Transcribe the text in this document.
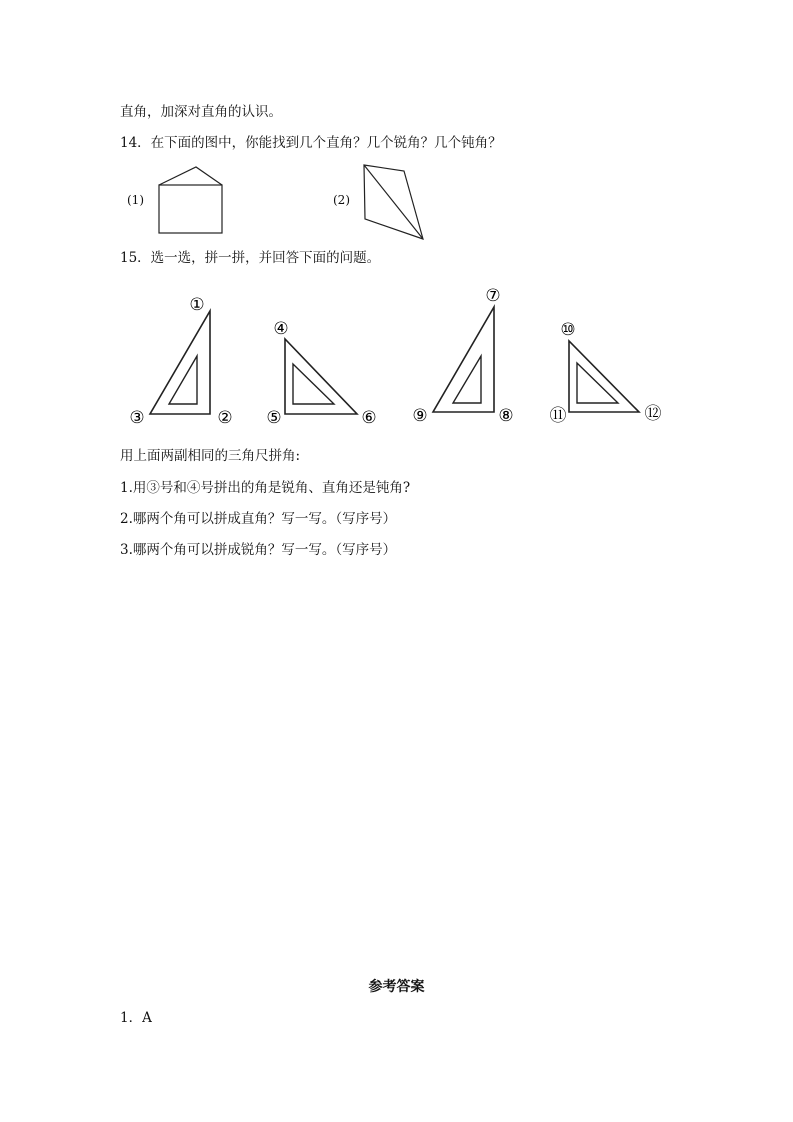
直角，加深对直角的认识。
14．在下面的图中，你能找到几个直角？几个锐角？几个钝角？
(1)	(2)
15．选一选，拼一拼，并回答下面的问题。
①
②
③
④
⑤	⑥
⑦
⑧
⑨
⑩
⑪	⑫
用上面两副相同的三角尺拼角:
1.用③号和④号拼出的角是锐角、直角还是钝角?
2.哪两个角可以拼成直角？写一写。（写序号）
3.哪两个角可以拼成锐角？写一写。（写序号）
参考答案
1．A
